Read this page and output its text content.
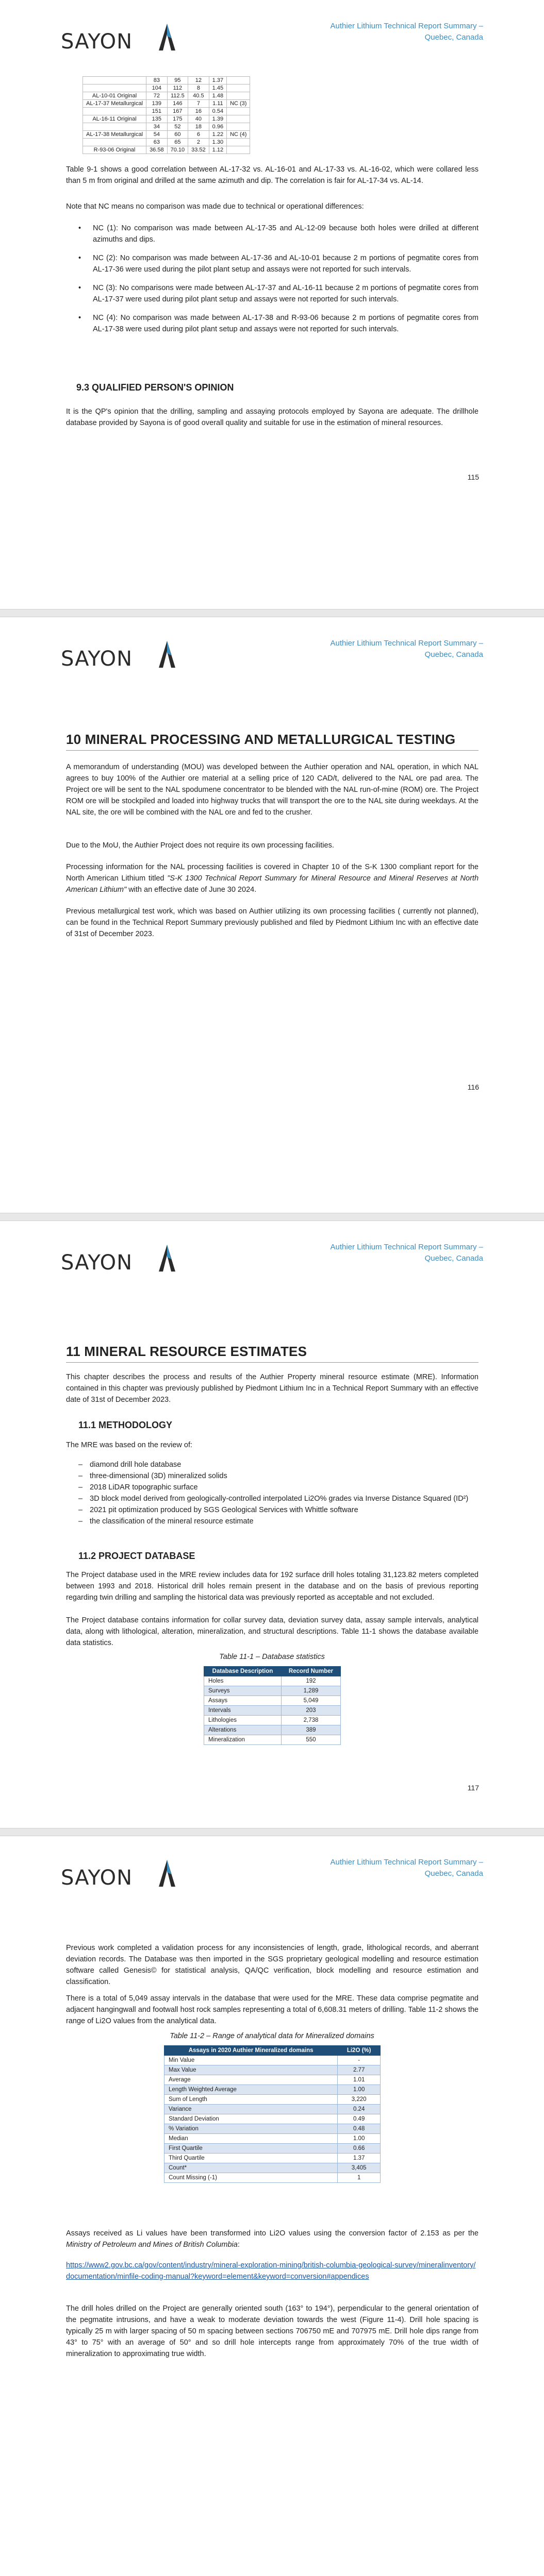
SAYON
Authier Lithium Technical Report Summary –
Quebec, Canada
	83	95	12	1.37	
	104	112	8	1.45	
AL-10-01 Original	72	112.5	40.5	1.48	
AL-17-37 Metallurgical	139	146	7	1.11	NC (3)
	151	167	16	0.54	
AL-16-11 Original	135	175	40	1.39	
	34	52	18	0.96	
AL-17-38 Metallurgical	54	60	6	1.22	NC (4)
	63	65	2	1.30	
R-93-06 Original	36.58	70.10	33.52	1.12	

Table 9-1 shows a good correlation between AL-17-32 vs. AL-16-01 and AL-17-33 vs. AL-16-02, which were collared less than 5 m from original and drilled at the same azimuth and dip. The correlation is fair for AL-17-34 vs. AL-14.

Note that NC means no comparison was made due to technical or operational differences:

• NC (1): No comparison was made between AL-17-35 and AL-12-09 because both holes were drilled at different azimuths and dips.
• NC (2): No comparison was made between AL-17-36 and AL-10-01 because 2 m portions of pegmatite cores from AL-17-36 were used during the pilot plant setup and assays were not reported for such intervals.
• NC (3): No comparisons were made between AL-17-37 and AL-16-11 because 2 m portions of pegmatite cores from AL-17-37 were used during pilot plant setup and assays were not reported for such intervals.
• NC (4): No comparison was made between AL-17-38 and R-93-06 because 2 m portions of pegmatite cores from AL-17-38 were used during pilot plant setup and assays were not reported for such intervals.
9.3 QUALIFIED PERSON'S OPINION

It is the QP's opinion that the drilling, sampling and assaying protocols employed by Sayona are adequate. The drillhole database provided by Sayona is of good overall quality and suitable for use in the estimation of mineral resources.

115
SAYON
Authier Lithium Technical Report Summary –
Quebec, Canada
10 MINERAL PROCESSING AND METALLURGICAL TESTING

A memorandum of understanding (MOU) was developed between the Authier operation and NAL operation, in which NAL agrees to buy 100% of the Authier ore material at a selling price of 120 CAD/t, delivered to the NAL ore pad area. The Project ore will be sent to the NAL spodumene concentrator to be blended with the NAL run-of-mine (ROM) ore. The Project ROM ore will be stockpiled and loaded into highway trucks that will transport the ore to the NAL site during weekdays. At the NAL site, the ore will be combined with the NAL ore and fed to the crusher.

Due to the MoU, the Authier Project does not require its own processing facilities.

Processing information for the NAL processing facilities is covered in Chapter 10 of the S-K 1300 compliant report for the North American Lithium titled "S-K 1300 Technical Report Summary for Mineral Resource and Mineral Reserves at North American Lithium" with an effective date of June 30 2024.

Previous metallurgical test work, which was based on Authier utilizing its own processing facilities ( currently not planned), can be found in the Technical Report Summary previously published and filed by Piedmont Lithium Inc with an effective date of 31st of December 2023.

116
SAYON
Authier Lithium Technical Report Summary –
Quebec, Canada
11 MINERAL RESOURCE ESTIMATES

This chapter describes the process and results of the Authier Property mineral resource estimate (MRE). Information contained in this chapter was previously published by Piedmont Lithium Inc in a Technical Report Summary with an effective date of 31st of December 2023.

11.1 METHODOLOGY

The MRE was based on the review of:

– diamond drill hole database
– three-dimensional (3D) mineralized solids
– 2018 LiDAR topographic surface
– 3D block model derived from geologically-controlled interpolated Li2O% grades via Inverse Distance Squared (ID²)
– 2021 pit optimization produced by SGS Geological Services with Whittle software
– the classification of the mineral resource estimate
11.2 PROJECT DATABASE

The Project database used in the MRE review includes data for 192 surface drill holes totaling 31,123.82 meters completed between 1993 and 2018. Historical drill holes remain present in the database and on the basis of previous reporting regarding twin drilling and sampling the historical data was previously reported as acceptable and not excluded.

The Project database contains information for collar survey data, deviation survey data, assay sample intervals, analytical data, along with lithological, alteration, mineralization, and structural descriptions. Table 11-1 shows the database available data statistics.

Table 11-1 – Database statistics
Database Description	Record Number
Holes	192
Surveys	1,289
Assays	5,049
Intervals	203
Lithologies	2,738
Alterations	389
Mineralization	550
117
SAYON
Authier Lithium Technical Report Summary –
Quebec, Canada

Previous work completed a validation process for any inconsistencies of length, grade, lithological records, and aberrant deviation records. The Database was then imported in the SGS proprietary geological modelling and resource estimation software called Genesis© for statistical analysis, QA/QC verification, block modelling and resource estimation and classification.

There is a total of 5,049 assay intervals in the database that were used for the MRE. These data comprise pegmatite and adjacent hangingwall and footwall host rock samples representing a total of 6,608.31 meters of drilling. Table 11-2 shows the range of Li2O values from the analytical data.

Table 11-2 – Range of analytical data for Mineralized domains
Assays in 2020 Authier Mineralized domains	Li2O (%)
Min Value	-
Max Value	2.77
Average	1.01
Length Weighted Average	1.00
Sum of Length	3,220
Variance	0.24
Standard Deviation	0.49
% Variation	0.48
Median	1.00
First Quartile	0.66
Third Quartile	1.37
Count*	3,405
Count Missing (-1)	1

Assays received as Li values have been transformed into Li2O values using the conversion factor of 2.153 as per the Ministry of Petroleum and Mines of British Columbia:

https://www2.gov.bc.ca/gov/content/industry/mineral-exploration-mining/british-columbia-geological-survey/mineralinventory/documentation/minfile-coding-manual?keyword=element&keyword=conversion#appendices

The drill holes drilled on the Project are generally oriented south (163° to 194°), perpendicular to the general orientation of the pegmatite intrusions, and have a weak to moderate deviation towards the west (Figure 11-4). Drill hole spacing is typically 25 m with larger spacing of 50 m spacing between sections 706750 mE and 707975 mE. Drill hole dips range from 43° to 75° with an average of 50° and so drill hole intercepts range from approximately 70% of the true width of mineralization to approximating true width.
